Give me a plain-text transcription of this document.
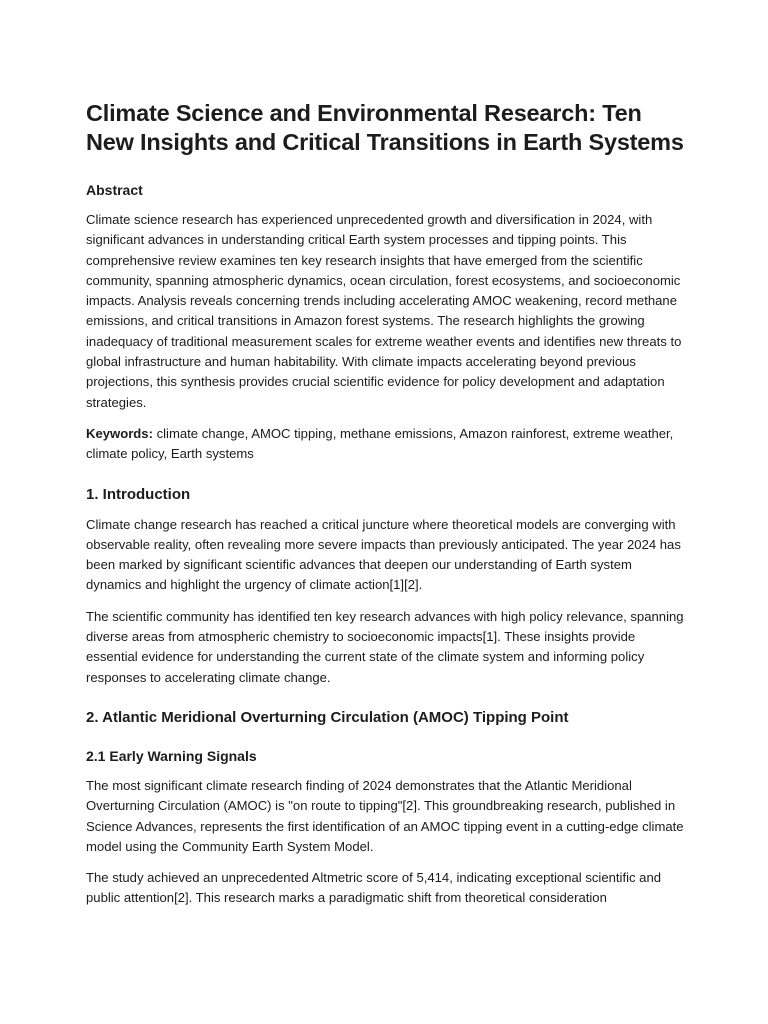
Climate Science and Environmental Research: Ten New Insights and Critical Transitions in Earth Systems
Abstract

Climate science research has experienced unprecedented growth and diversification in 2024, with significant advances in understanding critical Earth system processes and tipping points. This comprehensive review examines ten key research insights that have emerged from the scientific community, spanning atmospheric dynamics, ocean circulation, forest ecosystems, and socioeconomic impacts. Analysis reveals concerning trends including accelerating AMOC weakening, record methane emissions, and critical transitions in Amazon forest systems. The research highlights the growing inadequacy of traditional measurement scales for extreme weather events and identifies new threats to global infrastructure and human habitability. With climate impacts accelerating beyond previous projections, this synthesis provides crucial scientific evidence for policy development and adaptation strategies.

Keywords: climate change, AMOC tipping, methane emissions, Amazon rainforest, extreme weather, climate policy, Earth systems

1. Introduction

Climate change research has reached a critical juncture where theoretical models are converging with observable reality, often revealing more severe impacts than previously anticipated. The year 2024 has been marked by significant scientific advances that deepen our understanding of Earth system dynamics and highlight the urgency of climate action[1][2].

The scientific community has identified ten key research advances with high policy relevance, spanning diverse areas from atmospheric chemistry to socioeconomic impacts[1]. These insights provide essential evidence for understanding the current state of the climate system and informing policy responses to accelerating climate change.

2. Atlantic Meridional Overturning Circulation (AMOC) Tipping Point
2.1 Early Warning Signals

The most significant climate research finding of 2024 demonstrates that the Atlantic Meridional Overturning Circulation (AMOC) is "on route to tipping"[2]. This groundbreaking research, published in Science Advances, represents the first identification of an AMOC tipping event in a cutting-edge climate model using the Community Earth System Model.

The study achieved an unprecedented Altmetric score of 5,414, indicating exceptional scientific and public attention[2]. This research marks a paradigmatic shift from theoretical consideration
